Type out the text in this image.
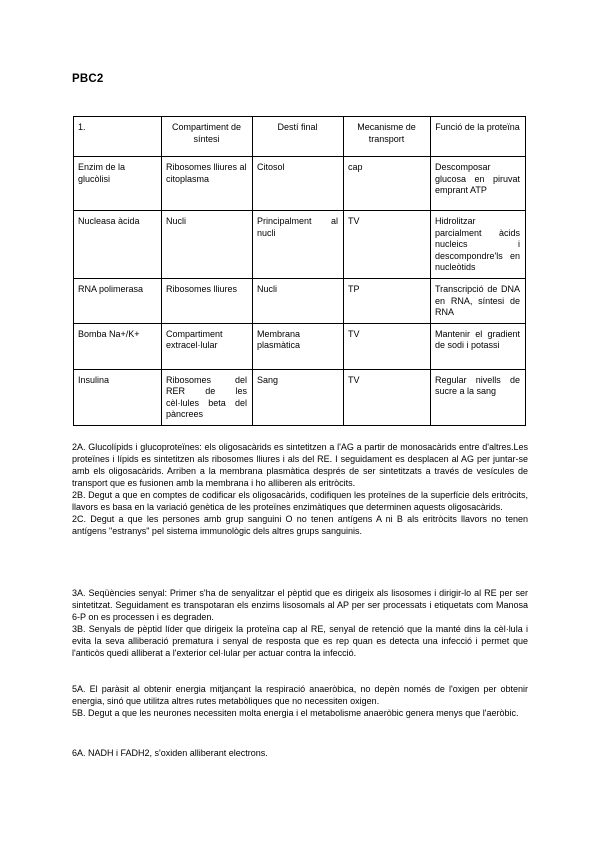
PBC2
1.	Compartiment de síntesi	Destí final	Mecanisme de transport	Funció de la proteïna
Enzim de la glucòlisi	Ribosomes lliures al citoplasma	Citosol	cap	Descomposar glucosa en piruvat emprant ATP
Nucleasa àcida	Nucli	Principalment al nucli	TV	Hidrolitzar parcialment àcids nucleics i descompondre'ls en nucleòtids
RNA polimerasa	Ribosomes lliures	Nucli	TP	Transcripció de DNA en RNA, síntesi de RNA
Bomba Na+/K+	Compartiment extracel·lular	Membrana plasmàtica	TV	Mantenir el gradient de sodi i potassi
Insulina	Ribosomes del RER de les cèl·lules beta del pàncrees	Sang	TV	Regular nivells de sucre a la sang

2A. Glucolípids i glucoproteïnes: els oligosacàrids es sintetitzen a l'AG a partir de monosacàrids entre d'altres.Les proteïnes i lípids es sintetitzen als ribosomes lliures i als del RE. I seguidament es desplacen al AG per juntar-se amb els oligosacàrids. Arriben a la membrana plasmàtica després de ser sintetitzats a través de vesícules de transport que es fusionen amb la membrana i ho alliberen als eritròcits.

2B. Degut a que en comptes de codificar els oligosacàrids, codifiquen les proteïnes de la superfície dels eritròcits, llavors es basa en la variació genètica de les proteïnes enzimàtiques que determinen aquests oligosacàrids.

2C. Degut a que les persones amb grup sanguini O no tenen antígens A ni B als eritròcits llavors no tenen antígens "estranys" pel sistema immunològic dels altres grups sanguinis.

3A. Seqüències senyal: Primer s'ha de senyalitzar el pèptid que es dirigeix als lisosomes i dirigir-lo al RE per ser sintetitzat. Seguidament es transpotaran els enzims lisosomals al AP per ser processats i etiquetats com Manosa 6-P on es processen i es degraden.

3B. Senyals de pèptid líder que dirigeix la proteïna cap al RE, senyal de retenció que la manté dins la cèl·lula i evita la seva alliberació prematura i senyal de resposta que es rep quan es detecta una infecció i permet que l'anticòs quedi alliberat a l'exterior cel·lular per actuar contra la infecció.

5A. El paràsit al obtenir energia mitjançant la respiració anaeròbica, no depèn només de l'oxigen per obtenir energia, sinó que utilitza altres rutes metabòliques que no necessiten oxigen.

5B. Degut a que les neurones necessiten molta energia i el metabolisme anaeròbic genera menys que l'aeròbic.

6A. NADH i FADH2, s'oxiden alliberant electrons.
